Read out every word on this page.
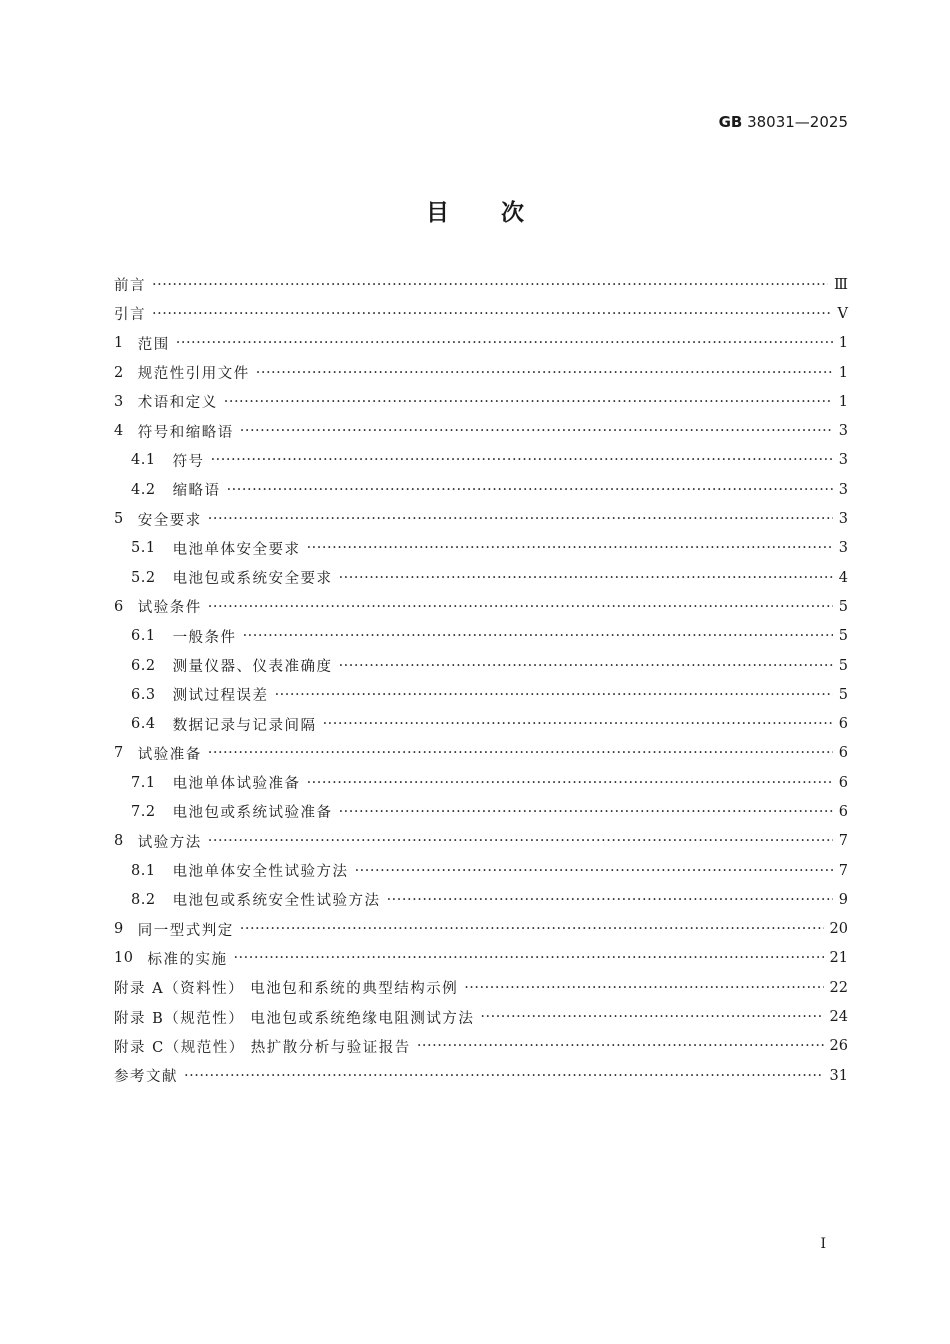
GB 38031—2025
目次
前言 ·····	Ⅲ
引言 ·····	Ⅴ
1 范围 ·····	1
2 规范性引用文件 ·····	1
3 术语和定义 ·····	1
4 符号和缩略语 ·····	3
4.1 符号 ·····	3
4.2 缩略语 ·····	3
5 安全要求 ·····	3
5.1 电池单体安全要求 ·····	3
5.2 电池包或系统安全要求 ·····	4
6 试验条件 ·····	5
6.1 一般条件 ·····	5
6.2 测量仪器、仪表准确度 ·····	5
6.3 测试过程误差 ·····	5
6.4 数据记录与记录间隔 ·····	6
7 试验准备 ·····	6
7.1 电池单体试验准备 ·····	6
7.2 电池包或系统试验准备 ·····	6
8 试验方法 ·····	7
8.1 电池单体安全性试验方法 ·····	7
8.2 电池包或系统安全性试验方法 ·····	9
9 同一型式判定 ·····	20
10 标准的实施 ·····	21
附录 A（资料性） 电池包和系统的典型结构示例 ·····	22
附录 B（规范性） 电池包或系统绝缘电阻测试方法 ·····	24
附录 C（规范性） 热扩散分析与验证报告 ·····	26
参考文献 ·····	31
Ⅰ
